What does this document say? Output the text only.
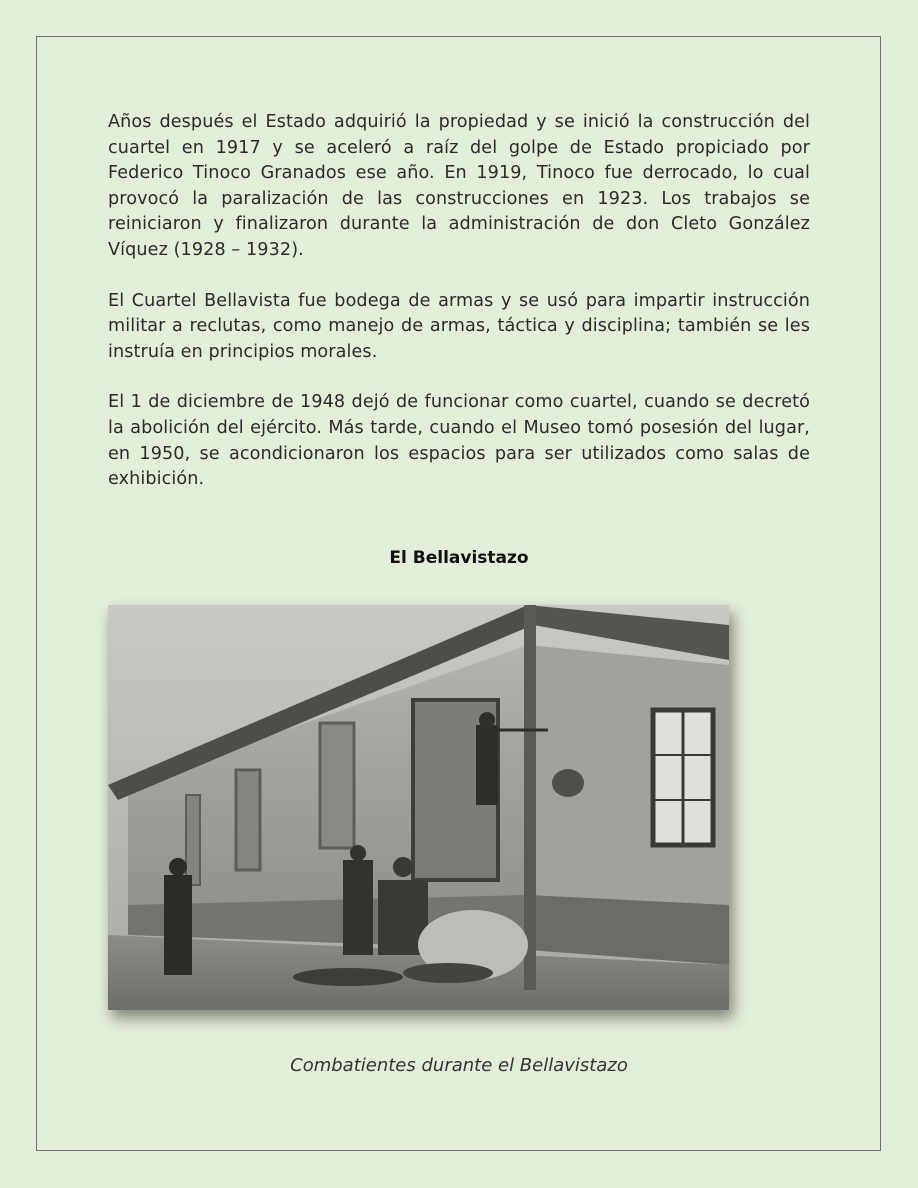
Años después el Estado adquirió la propiedad y se inició la construcción del cuartel en 1917 y se aceleró a raíz del golpe de Estado propiciado por Federico Tinoco Granados ese año. En 1919, Tinoco fue derrocado, lo cual provocó la paralización de las construcciones en 1923. Los trabajos se reiniciaron y finalizaron durante la administración de don Cleto González Víquez (1928 – 1932).

El Cuartel Bellavista fue bodega de armas y se usó para impartir instrucción militar a reclutas, como manejo de armas, táctica y disciplina; también se les instruía en principios morales.

El 1 de diciembre de 1948 dejó de funcionar como cuartel, cuando se decretó la abolición del ejército. Más tarde, cuando el Museo tomó posesión del lugar, en 1950, se acondicionaron los espacios para ser utilizados como salas de exhibición.

El Bellavistazo

Combatientes durante el Bellavistazo
